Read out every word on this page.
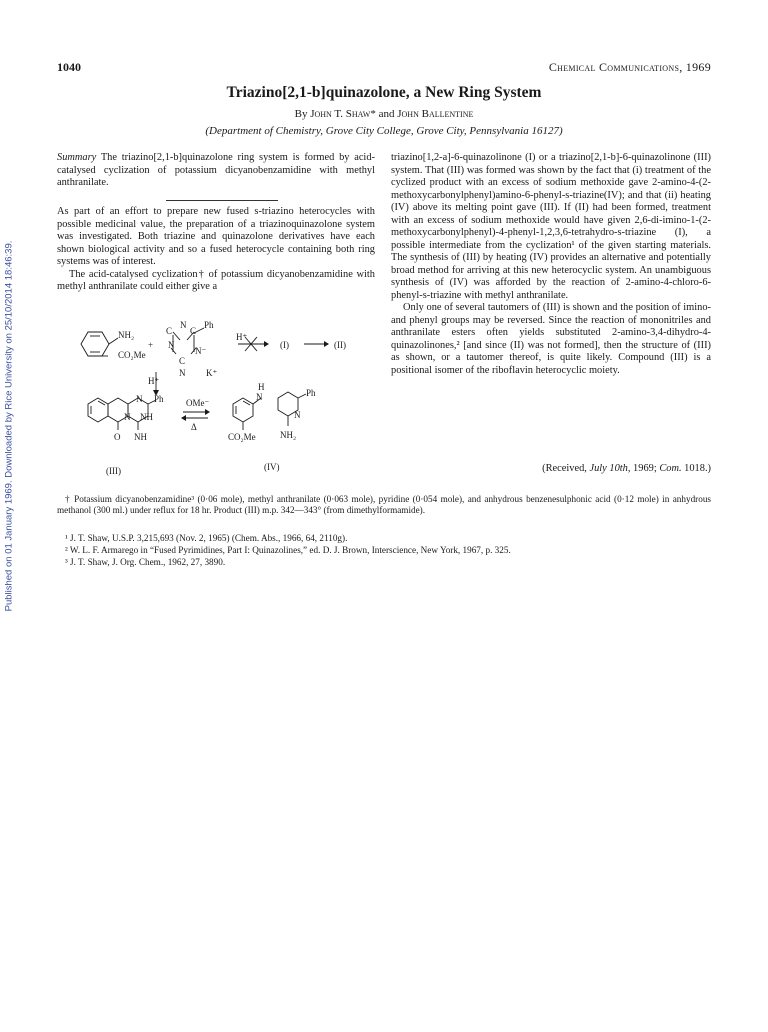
Published on 01 January 1969. Downloaded by Rice University on 25/10/2014 18:46:39.
1040	Chemical Communications, 1969
Triazino[2,1-b]quinazolone, a New Ring System
By John T. Shaw* and John Ballentine
(Department of Chemistry, Grove City College, Grove City, Pennsylvania 16127)

Summary The triazino[2,1-b]quinazolone ring system is formed by acid-catalysed cyclization of potassium dicyanobenzamidine with methyl anthranilate.

As part of an effort to prepare new fused s-triazino heterocycles with possible medicinal value, the preparation of a triazinoquinazolone system was investigated. Both triazine and quinazolone derivatives have each shown biological activity and so a fused heterocycle containing both ring systems was of interest.

The acid-catalysed cyclization† of potassium dicyanobenzamidine with methyl anthranilate could either give a

NH₂
+
CO₂Me
C
N
C
Ph
N
N⁻
C
N K⁺
H⁺
(I)	(II)
H⁺
N Ph
N NH
O NH
OMe⁻
Δ
H
N	Ph
N
CO₂Me	NH₂
(III)	(IV)

triazino[1,2-a]-6-quinazolinone (I) or a triazino[2,1-b]-6-quinazolinone (III) system. That (III) was formed was shown by the fact that (i) treatment of the cyclized product with an excess of sodium methoxide gave 2-amino-4-(2-methoxycarbonylphenyl)amino-6-phenyl-s-triazine(IV); and that (ii) heating (IV) above its melting point gave (III). If (II) had been formed, treatment with an excess of sodium methoxide would have given 2,6-di-imino-1-(2-methoxycarbonylphenyl)-4-phenyl-1,2,3,6-tetrahydro-s-triazine (I), a possible intermediate from the cyclization¹ of the given starting materials. The synthesis of (III) by heating (IV) provides an alternative and potentially broad method for arriving at this new heterocyclic system. An unambiguous synthesis of (IV) was afforded by the reaction of 2-amino-4-chloro-6-phenyl-s-triazine with methyl anthranilate.

Only one of several tautomers of (III) is shown and the position of imino- and phenyl groups may be reversed. Since the reaction of mononitriles and anthranilate esters often yields substituted 2-amino-3,4-dihydro-4-quinazolinones,² [and since (II) was not formed], then the structure of (III) as shown, or a tautomer thereof, is quite likely. Compound (III) is a positional isomer of the riboflavin heterocyclic moiety.

(Received, July 10th, 1969; Com. 1018.)
† Potassium dicyanobenzamidine³ (0·06 mole), methyl anthranilate (0·063 mole), pyridine (0·054 mole), and anhydrous benzenesulphonic acid (0·12 mole) in anhydrous methanol (300 ml.) under reflux for 18 hr. Product (III) m.p. 342—343° (from dimethylformamide).
¹ J. T. Shaw, U.S.P. 3,215,693 (Nov. 2, 1965) (Chem. Abs., 1966, 64, 2110g).
² W. L. F. Armarego in “Fused Pyrimidines, Part I: Quinazolines,” ed. D. J. Brown, Interscience, New York, 1967, p. 325.
³ J. T. Shaw, J. Org. Chem., 1962, 27, 3890.
